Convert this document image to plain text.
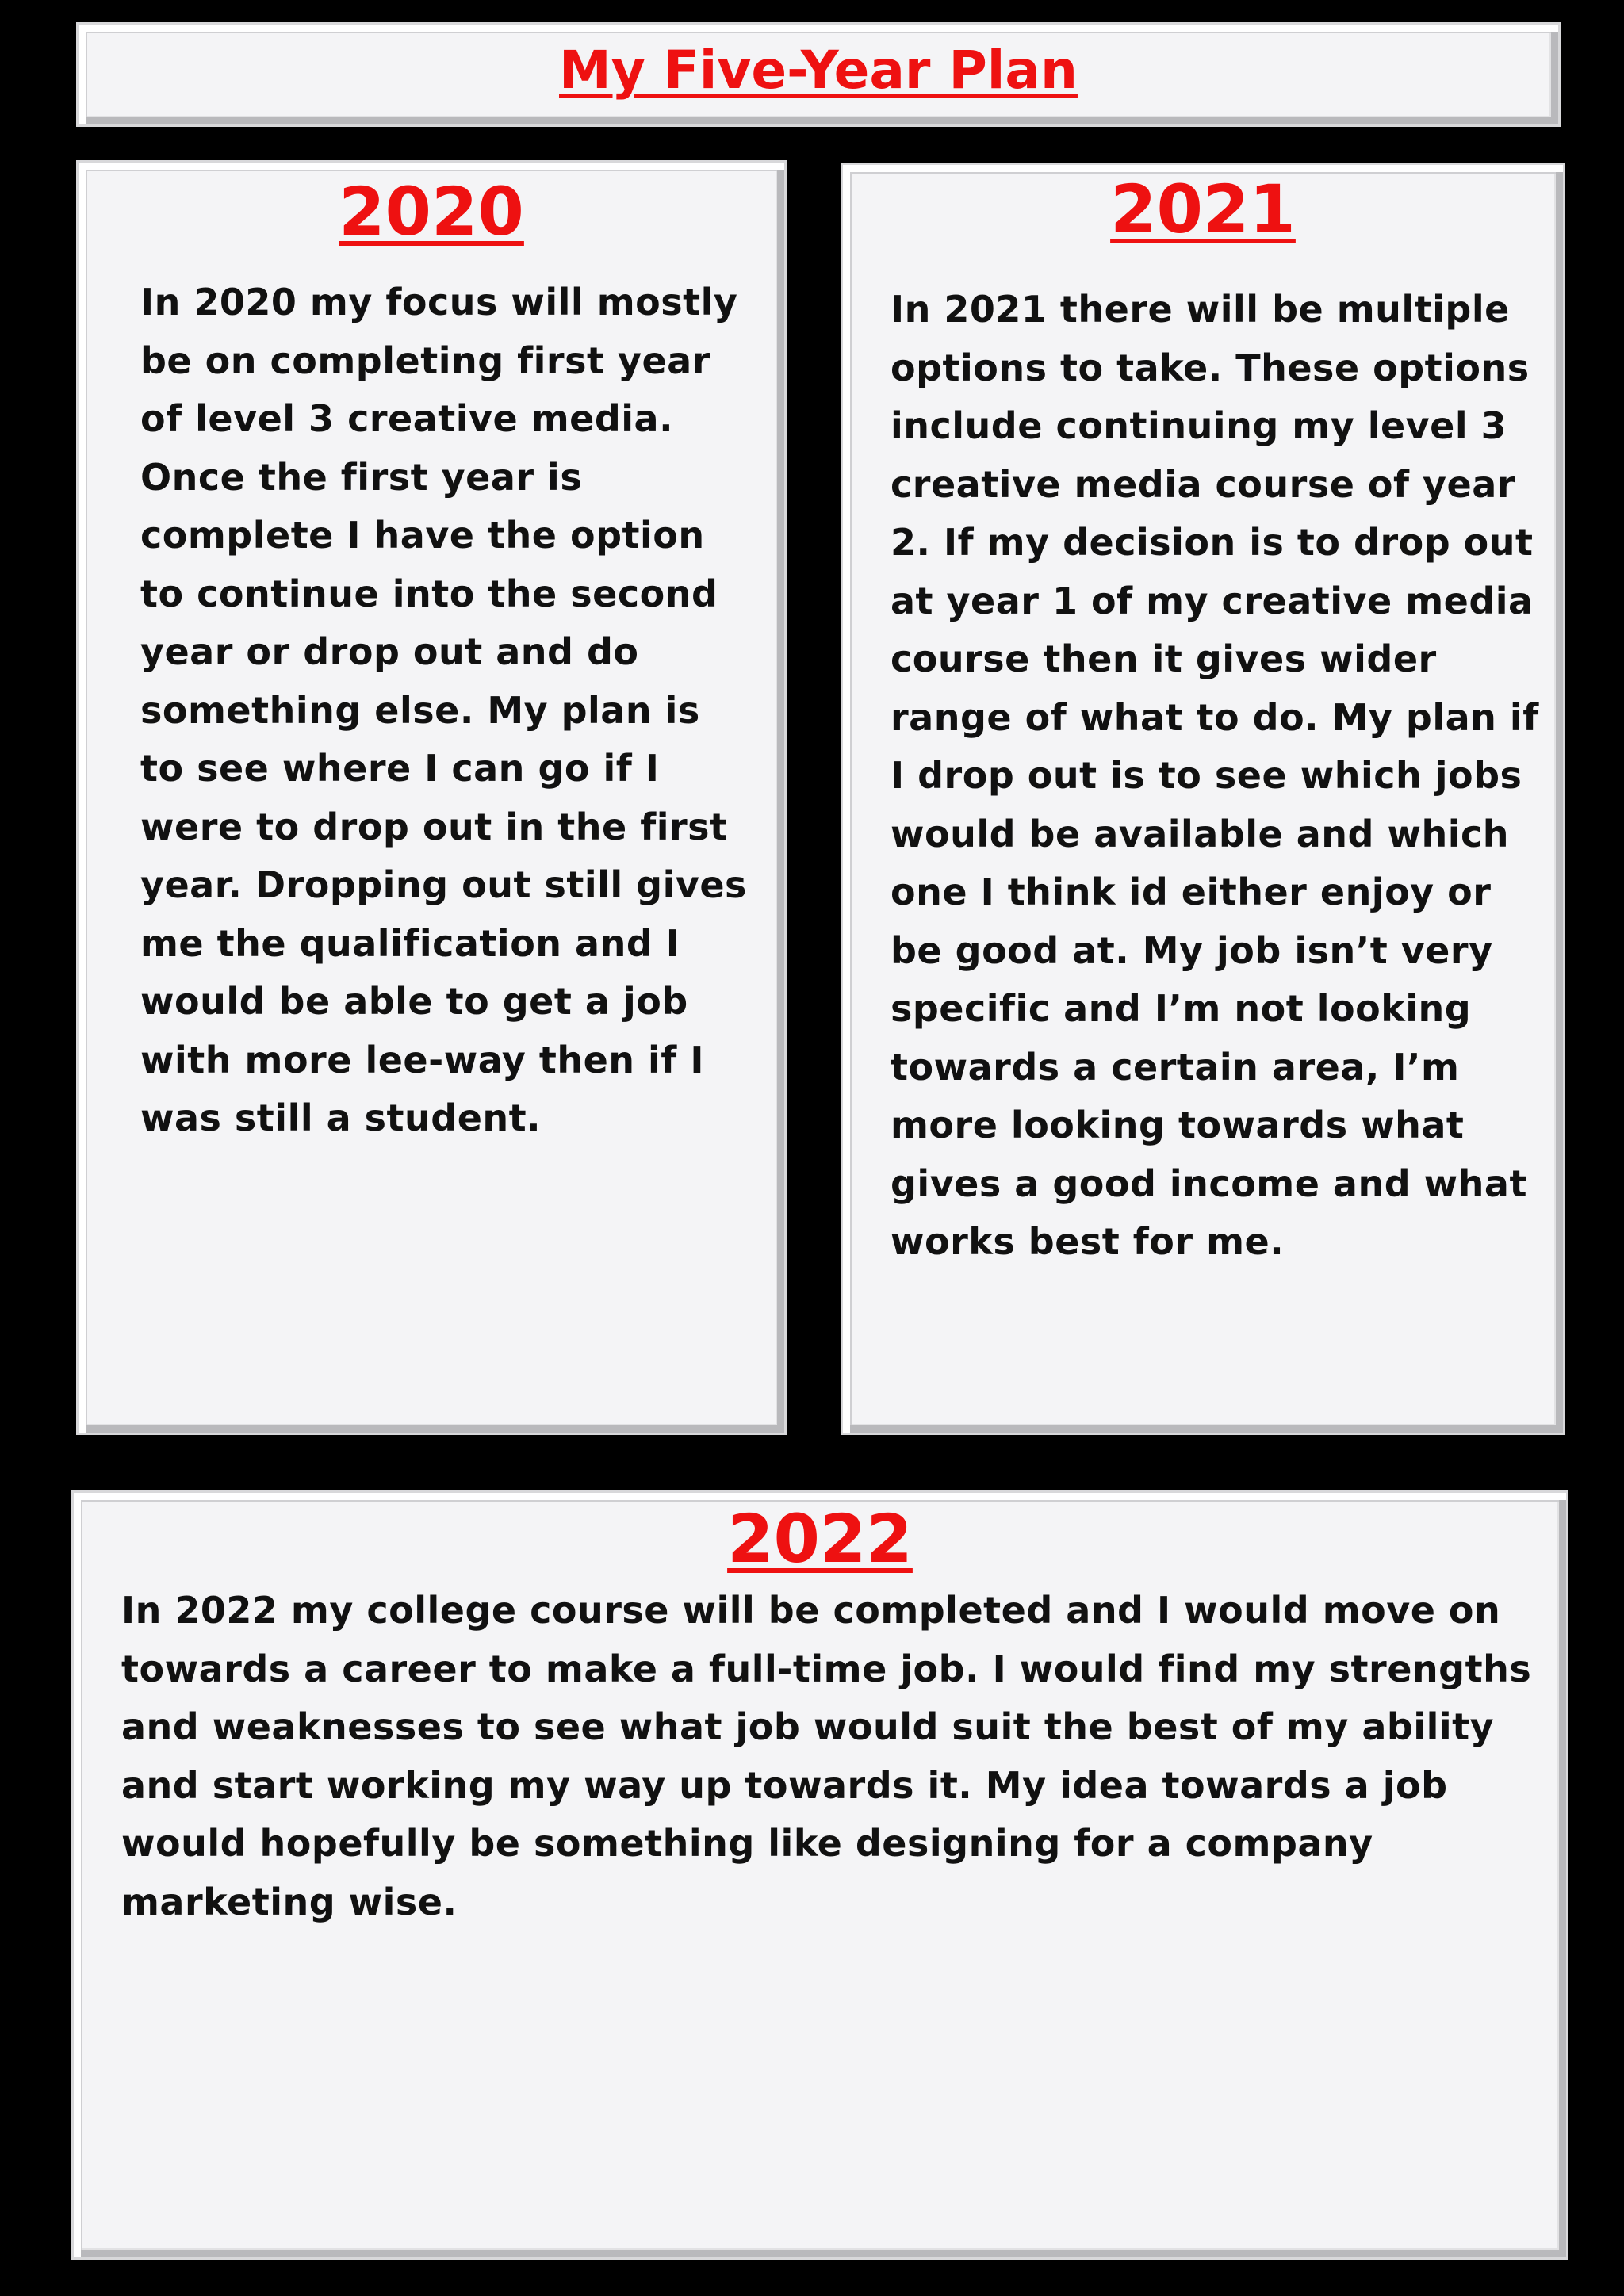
My Five-Year Plan
2020

In 2020 my focus will mostly be on completing first year of level 3 creative media. Once the first year is complete I have the option to continue into the second year or drop out and do something else. My plan is to see where I can go if I were to drop out in the first year. Dropping out still gives me the qualification and I would be able to get a job with more lee-way then if I was still a student.

2021

In 2021 there will be multiple options to take. These options include continuing my level 3 creative media course of year 2. If my decision is to drop out at year 1 of my creative media course then it gives wider range of what to do. My plan if I drop out is to see which jobs would be available and which one I think id either enjoy or be good at. My job isn’t very specific and I’m not looking towards a certain area, I’m more looking towards what gives a good income and what works best for me.

2022

In 2022 my college course will be completed and I would move on towards a career to make a full-time job. I would find my strengths and weaknesses to see what job would suit the best of my ability and start working my way up towards it. My idea towards a job would hopefully be something like designing for a company marketing wise.
